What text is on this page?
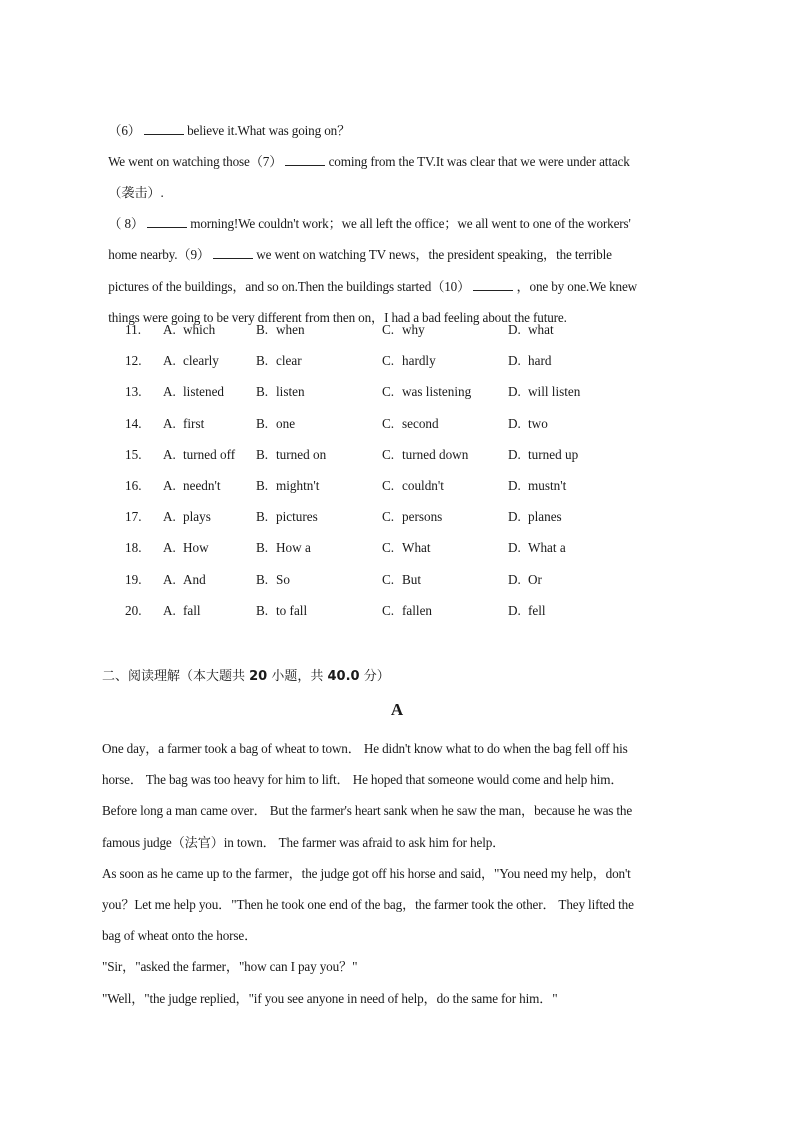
（6）	believe it.What was going on？

We went on watching those（7）	coming from the TV.It was clear that we were under attack

（袭击）.

（ 8）	morning!We couldn't work；we all left the office；we all went to one of the workers'

home nearby.（9）	we went on watching TV news，the president speaking，the terrible

pictures of the buildings，and so on.Then the buildings started（10）	，one by one.We knew

things were going to be very different from then on，I had a bad feeling about the future.

11. A. which	B. when	C. why	D. what
12. A. clearly	B. clear	C. hardly	D. hard
13. A. listened B. listen	C. was listening	D. will listen
14. A. first	B. one	C. second	D. two
15. A. turned off B. turned on	C. turned down	D. turned up
16. A. needn't	B. mightn't	C. couldn't	D. mustn't
17. A. plays	B. pictures	C. persons	D. planes
18. A. How	B. How a	C. What	D. What a
19. A. And	B. So	C. But	D. Or
20. A. fall	B. to fall	C. fallen	D. fell
二、阅读理解（本大题共 20 小题，共 40.0 分）
A
One day，a farmer took a bag of wheat to town． He didn't know what to do when the bag fell off his
horse． The bag was too heavy for him to lift． He hoped that someone would come and help him．
Before long a man came over． But the farmer's heart sank when he saw the man，because he was the
famous judge（法官）in town． The farmer was afraid to ask him for help．
As soon as he came up to the farmer，the judge got off his horse and said，"You need my help，don't
you？Let me help you．"Then he took one end of the bag，the farmer took the other． They lifted the
bag of wheat onto the horse．
"Sir，"asked the farmer，"how can I pay you？"
"Well，"the judge replied，"if you see anyone in need of help，do the same for him．"
